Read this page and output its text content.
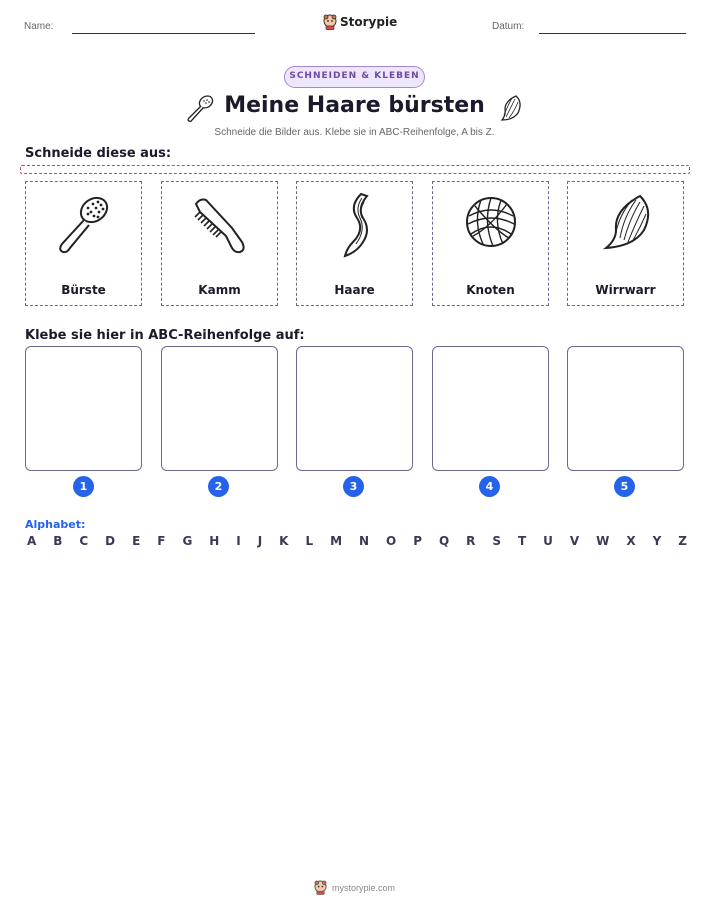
Name:	Storypie	Datum:
SCHNEIDEN & KLEBEN
Meine Haare bürsten
Schneide die Bilder aus. Klebe sie in ABC-Reihenfolge, A bis Z.
Schneide diese aus:
Bürste	Kamm	Haare	Knoten	Wirrwarr
Klebe sie hier in ABC-Reihenfolge auf:
1	2	3	4	5
Alphabet:
A B C D E F G H I J K L M N O P Q R S T U V W X Y Z
mystorypie.com
